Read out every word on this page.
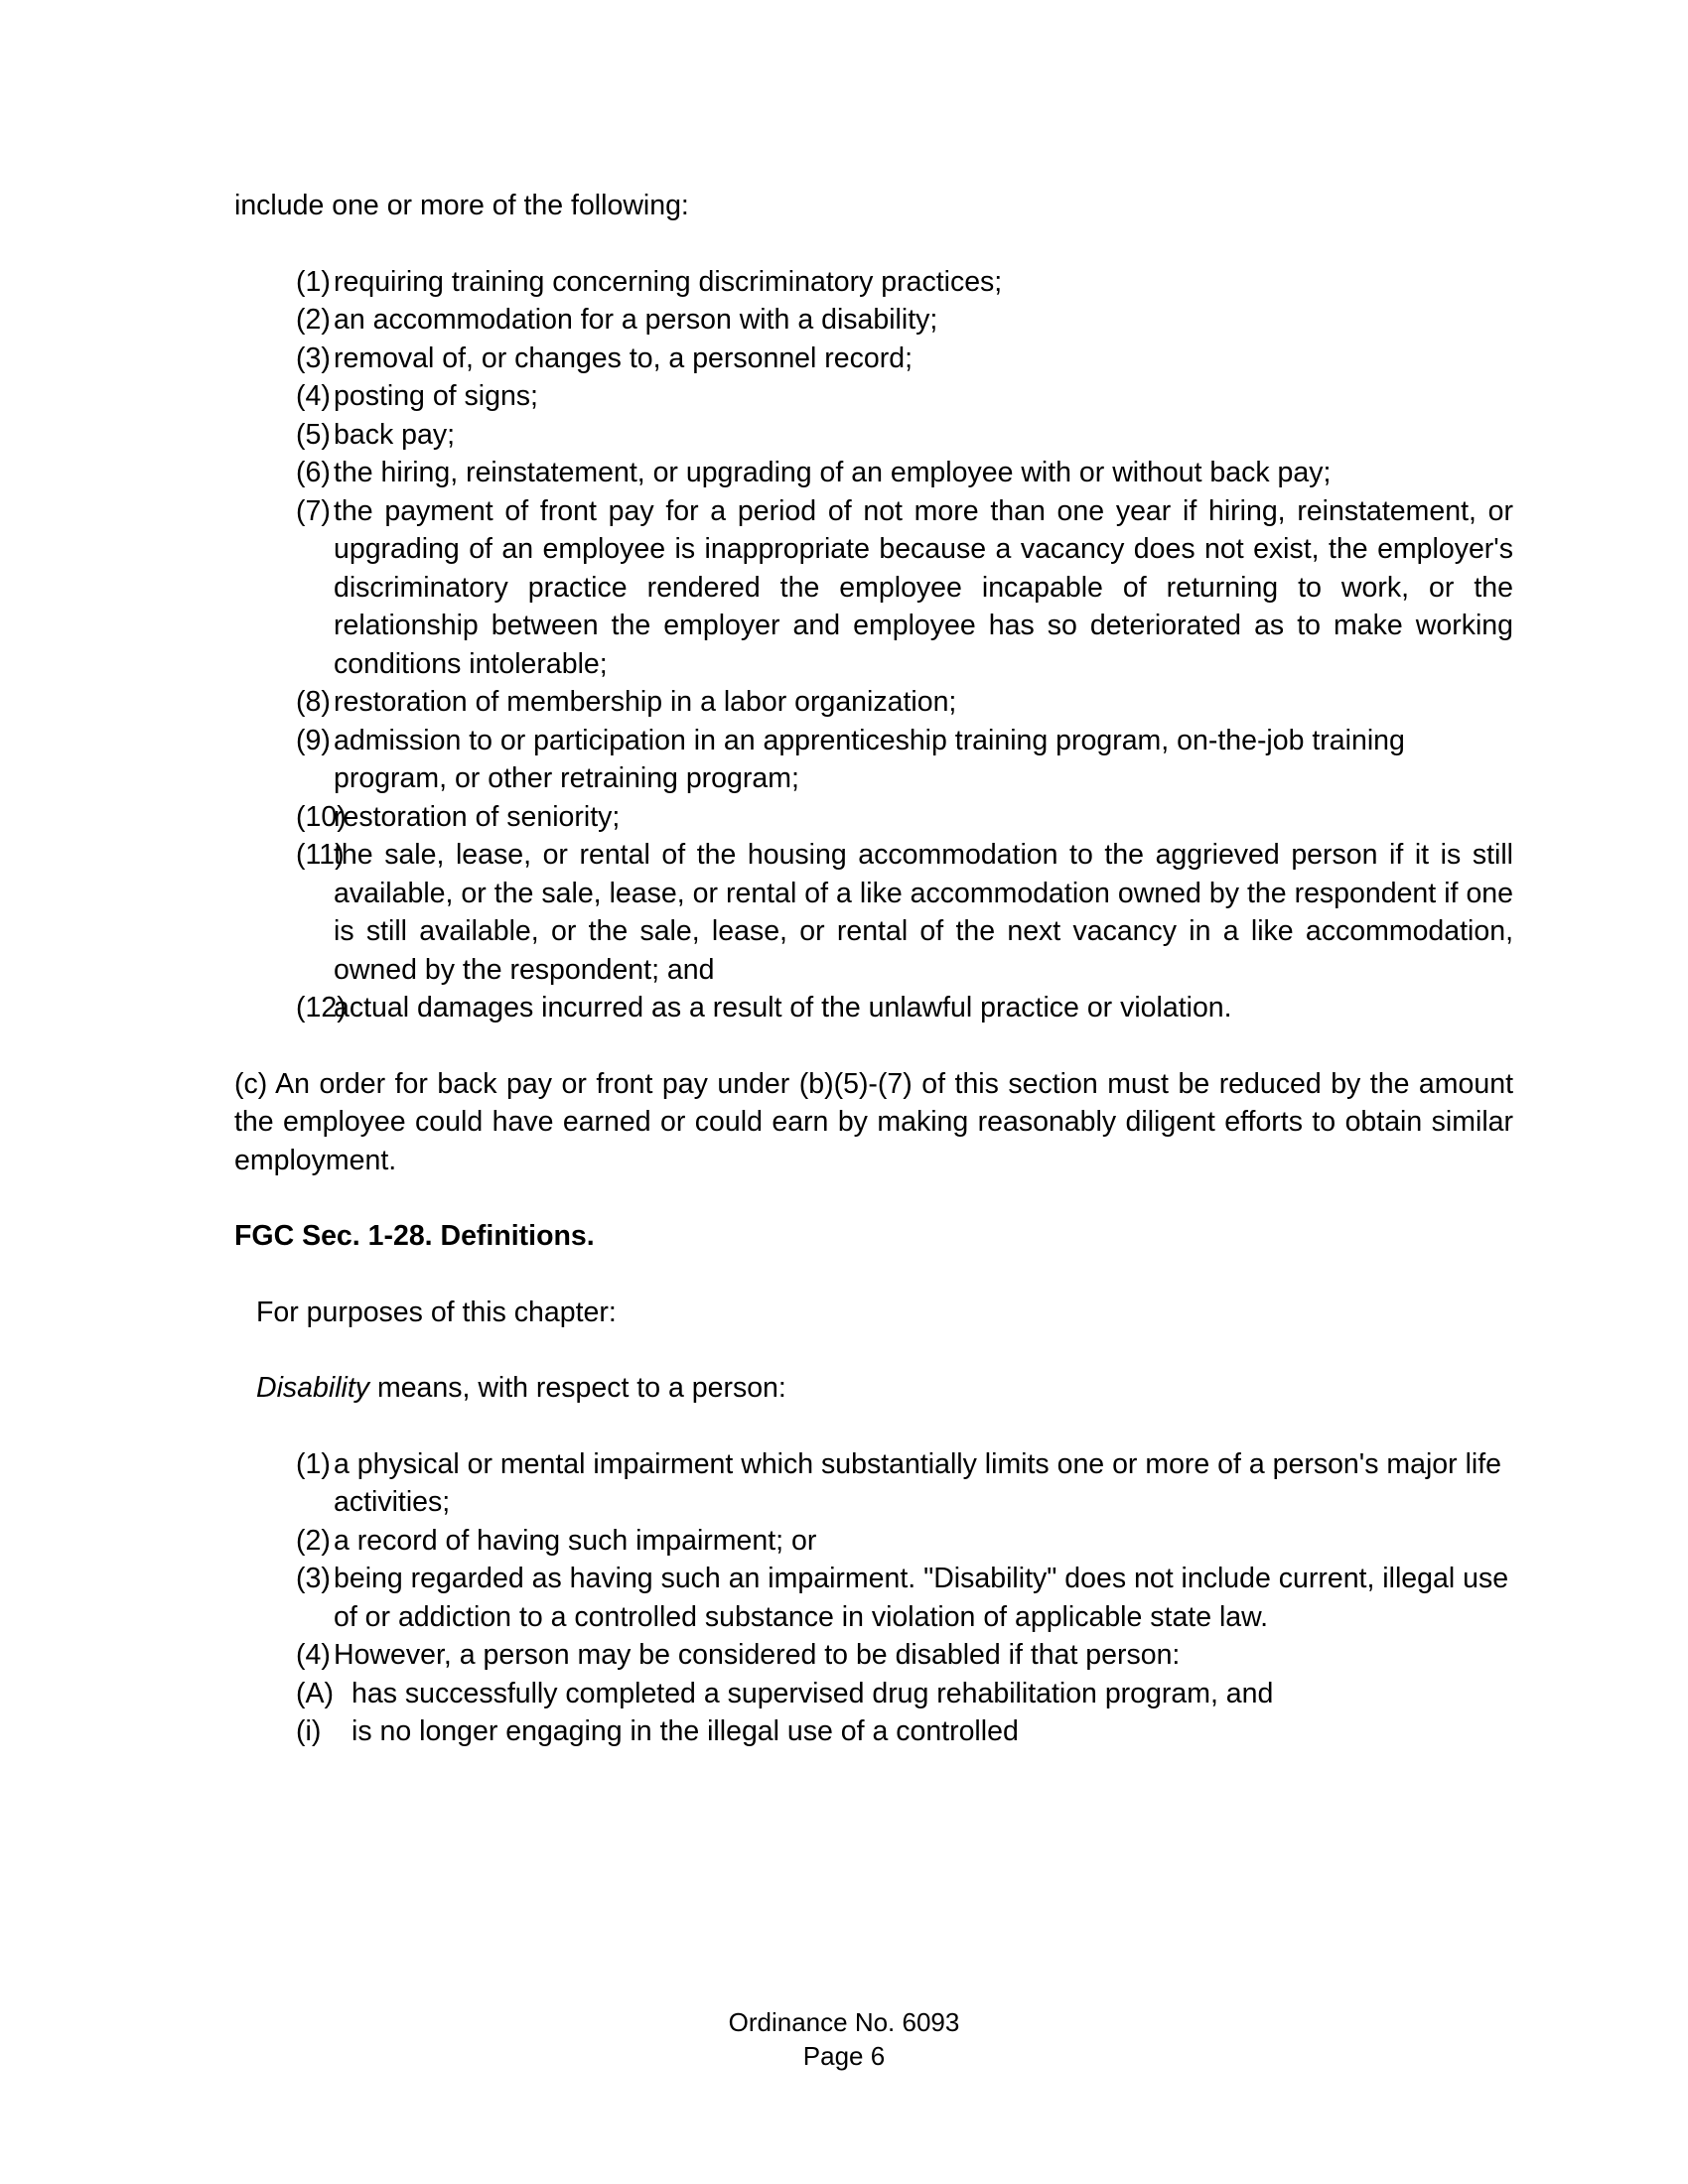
include one or more of the following:

(1) requiring training concerning discriminatory practices;
(2) an accommodation for a person with a disability;
(3) removal of, or changes to, a personnel record;
(4) posting of signs;
(5) back pay;
(6) the hiring, reinstatement, or upgrading of an employee with or without back pay;
(7) the payment of front pay for a period of not more than one year if hiring, reinstatement, or upgrading of an employee is inappropriate because a vacancy does not exist, the employer's discriminatory practice rendered the employee incapable of returning to work, or the relationship between the employer and employee has so deteriorated as to make working conditions intolerable;
(8) restoration of membership in a labor organization;
(9) admission to or participation in an apprenticeship training program, on-the-job training program, or other retraining program;
(10)
restoration of seniority;
(11)
the sale, lease, or rental of the housing accommodation to the aggrieved person if it is still available, or the sale, lease, or rental of a like accommodation owned by the respondent if one is still available, or the sale, lease, or rental of the next vacancy in a like accommodation, owned by the respondent; and
(12)
actual damages incurred as a result of the unlawful practice or violation.

(c) An order for back pay or front pay under (b)(5)-(7) of this section must be reduced by the amount the employee could have earned or could earn by making reasonably diligent efforts to obtain similar employment.

FGC Sec. 1-28. Definitions.

For purposes of this chapter:

Disability means, with respect to a person:

(1) a physical or mental impairment which substantially limits one or more of a person's major life activities;
(2) a record of having such impairment; or
(3) being regarded as having such an impairment. "Disability" does not include current, illegal use of or addiction to a controlled substance in violation of applicable state law.
(4) However, a person may be considered to be disabled if that person:
(A) has successfully completed a supervised drug rehabilitation program, and
(i)	is no longer engaging in the illegal use of a controlled
Ordinance No. 6093
Page 6
